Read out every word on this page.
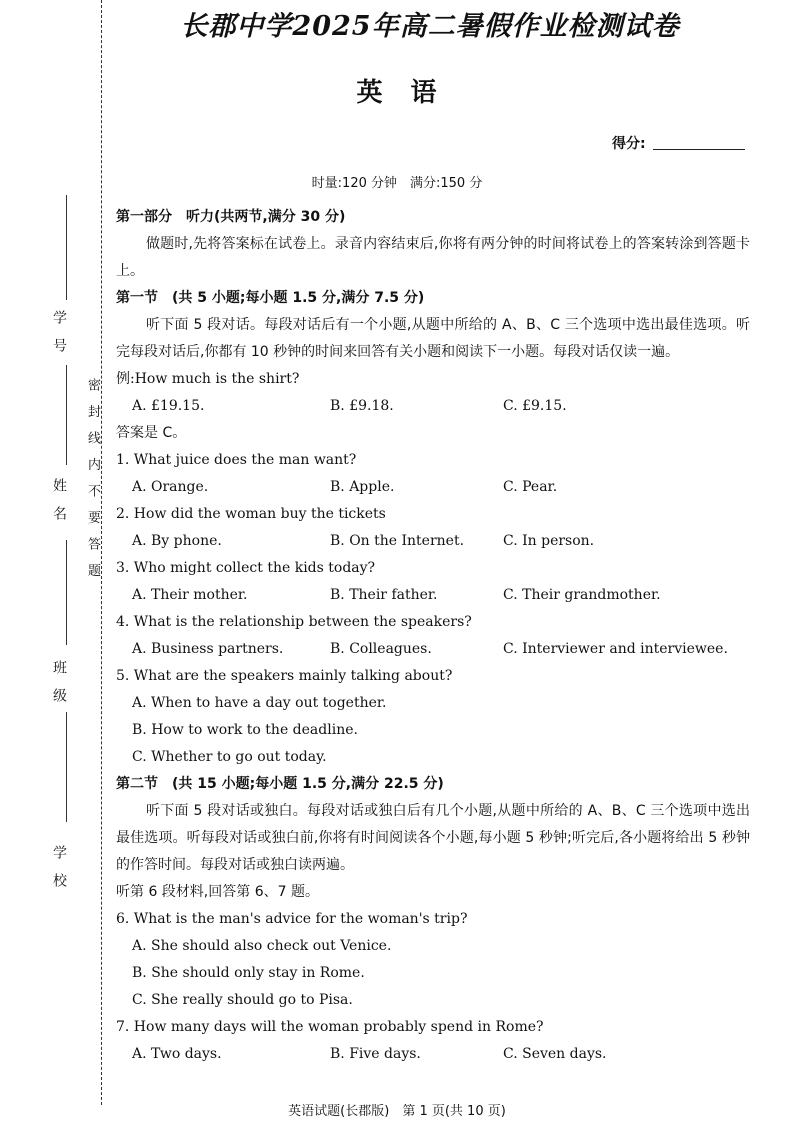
学　号
姓　名
班　级
学　校
密封线内不要答题
长郡中学2025年高二暑假作业检测试卷
英　语
得分:
时量:120 分钟　满分:150 分

第一部分　听力(共两节,满分 30 分)

做题时,先将答案标在试卷上。录音内容结束后,你将有两分钟的时间将试卷上的答案转涂到答题卡上。

第一节　(共 5 小题;每小题 1.5 分,满分 7.5 分)

听下面 5 段对话。每段对话后有一个小题,从题中所给的 A、B、C 三个选项中选出最佳选项。听完每段对话后,你都有 10 秒钟的时间来回答有关小题和阅读下一小题。每段对话仅读一遍。

例:How much is the shirt?

A. £19.15.	B. £9.18.	C. £9.15.

答案是 C。

1. What juice does the man want?

A. Orange.	B. Apple.	C. Pear.

2. How did the woman buy the tickets

A. By phone.	B. On the Internet.	C. In person.

3. Who might collect the kids today?

A. Their mother.	B. Their father.	C. Their grandmother.

4. What is the relationship between the speakers?

A. Business partners.	B. Colleagues.	C. Interviewer and interviewee.

5. What are the speakers mainly talking about?

A. When to have a day out together.

B. How to work to the deadline.

C. Whether to go out today.

第二节　(共 15 小题;每小题 1.5 分,满分 22.5 分)

听下面 5 段对话或独白。每段对话或独白后有几个小题,从题中所给的 A、B、C 三个选项中选出最佳选项。听每段对话或独白前,你将有时间阅读各个小题,每小题 5 秒钟;听完后,各小题将给出 5 秒钟的作答时间。每段对话或独白读两遍。

听第 6 段材料,回答第 6、7 题。

6. What is the man's advice for the woman's trip?

A. She should also check out Venice.

B. She should only stay in Rome.

C. She really should go to Pisa.

7. How many days will the woman probably spend in Rome?

A. Two days.	B. Five days.	C. Seven days.
英语试题(长郡版)　第 1 页(共 10 页)
